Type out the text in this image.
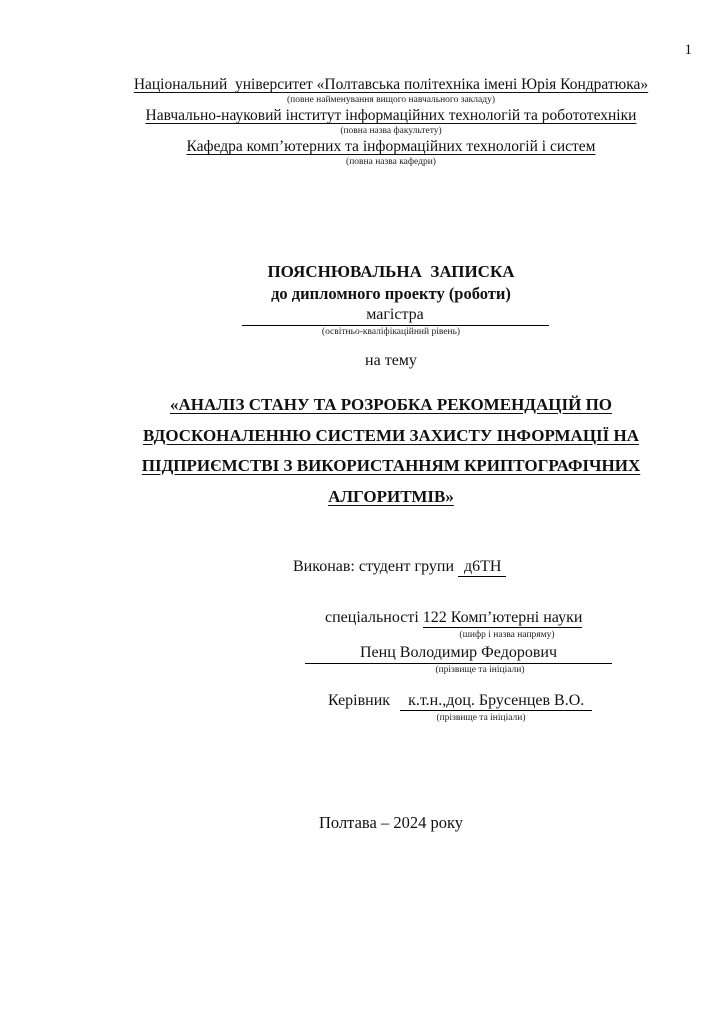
1
Національний  університет «Полтавська політехніка імені Юрія Кондратюка»
(повне найменування вищого навчального закладу)
Навчально-науковий інститут інформаційних технологій та робототехніки
(повна назва факультету)
Кафедра комп’ютерних та інформаційних технологій і систем
(повна назва кафедри)
ПОЯСНЮВАЛЬНА  ЗАПИСКА
до дипломного проекту (роботи)
магістра
(освітньо-кваліфікаційний рівень)
на тему
«АНАЛІЗ СТАНУ ТА РОЗРОБКА РЕКОМЕНДАЦІЙ ПО
ВДОСКОНАЛЕННЮ СИСТЕМИ ЗАХИСТУ ІНФОРМАЦІЇ НА
ПІДПРИЄМСТВІ З ВИКОРИСТАННЯМ КРИПТОГРАФІЧНИХ
АЛГОРИТМІВ»
Виконав: студент групи д6ТН
спеціальності 122 Комп’ютерні науки
(шифр і назва напряму)
Пенц Володимир Федорович
(прізвище та ініціали)
Керівник к.т.н.,доц. Брусенцев В.О.
(прізвище та ініціали)
Полтава – 2024 року
